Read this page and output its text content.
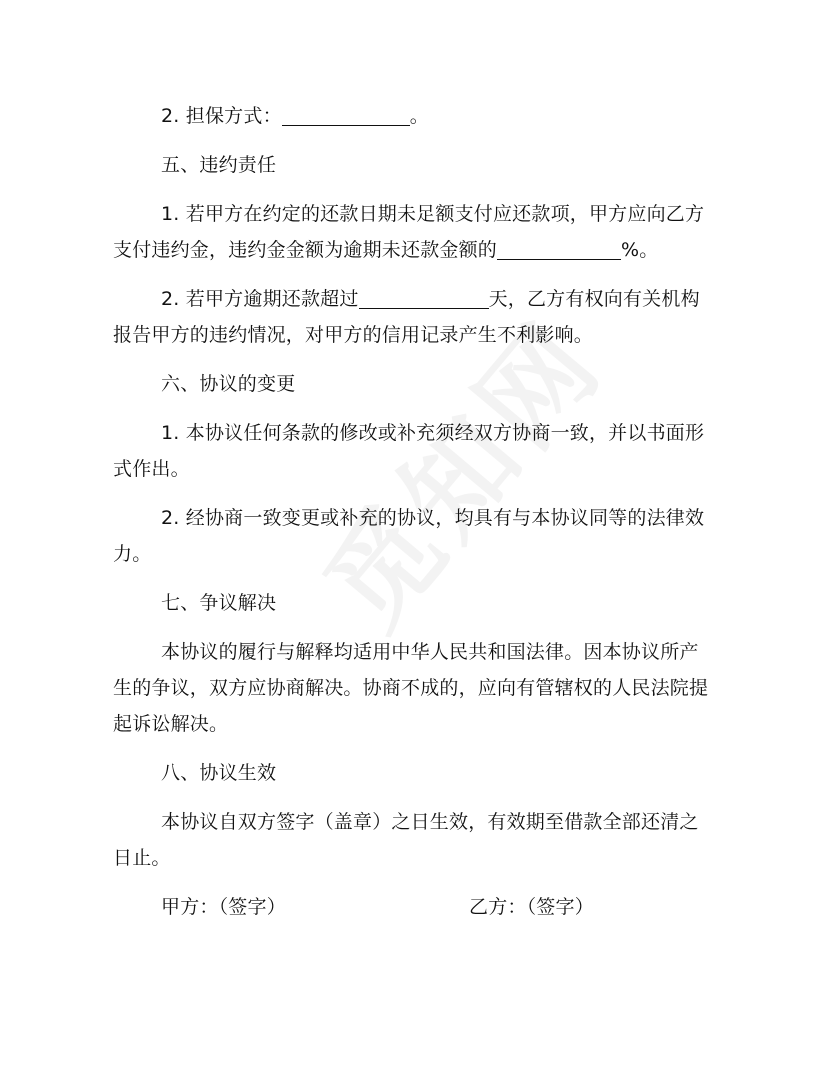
2. 担保方式：	。

五、违约责任

1. 若甲方在约定的还款日期未足额支付应还款项，甲方应向乙方支付违约金，违约金金额为逾期未还款金额的	%。

2. 若甲方逾期还款超过	天，乙方有权向有关机构报告甲方的违约情况，对甲方的信用记录产生不利影响。

六、协议的变更

1. 本协议任何条款的修改或补充须经双方协商一致，并以书面形式作出。

2. 经协商一致变更或补充的协议，均具有与本协议同等的法律效力。

七、争议解决

本协议的履行与解释均适用中华人民共和国法律。因本协议所产生的争议，双方应协商解决。协商不成的，应向有管辖权的人民法院提起诉讼解决。

八、协议生效

本协议自双方签字（盖章）之日生效，有效期至借款全部还清之日止。

甲方：（签字）	乙方：（签字）
